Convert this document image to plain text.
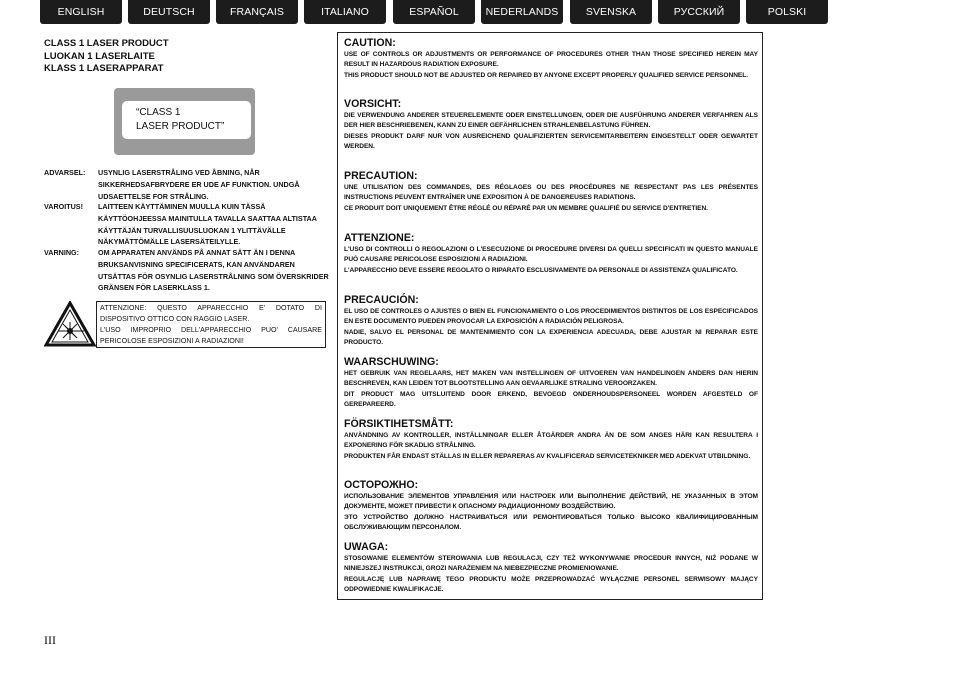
ENGLISH	DEUTSCH	FRANÇAIS	ITALIANO	ESPAÑOL	NEDERLANDS	SVENSKA	РУССКИЙ	POLSKI
CLASS 1 LASER PRODUCT
LUOKAN 1 LASERLAITE
KLASS 1 LASERAPPARAT
“CLASS 1
LASER PRODUCT”
ADVARSEL: USYNLIG LASERSTRÅLING VED ÅBNING, NÅR SIKKERHEDSAFBRYDERE ER UDE AF FUNKTION. UNDGÅ UDSAETTELSE FOR STRÅLING.
VAROITUS! LAITTEEN KÄYTTÄMINEN MUULLA KUIN TÄSSÄ KÄYTTÖOHJEESSA MAINITULLA TAVALLA SAATTAA ALTISTAA KÄYTTÄJÄN TURVALLISUUSLUOKAN 1 YLITTÄVÄLLE NÄKYMÄTTÖMÄLLE LASERSÄTEILYLLE.
VARNING:	OM APPARATEN ANVÄNDS PÅ ANNAT SÄTT ÄN I DENNA BRUKSANVISNING SPECIFICERATS, KAN ANVÄNDAREN UTSÄTTAS FÖR OSYNLIG LASERSTRÅLNING SOM ÖVERSKRIDER GRÄNSEN FÖR LASERKLASS 1.
ATTENZIONE: QUESTO APPARECCHIO E' DOTATO DI DISPOSITIVO OTTICO CON RAGGIO LASER.
L'USO IMPROPRIO DELL'APPARECCHIO PUO' CAUSARE PERICOLOSE ESPOSIZIONI A RADIAZIONI!
CAUTION:

USE OF CONTROLS OR ADJUSTMENTS OR PERFORMANCE OF PROCEDURES OTHER THAN THOSE SPECIFIED HEREIN MAY RESULT IN HAZARDOUS RADIATION EXPOSURE.

THIS PRODUCT SHOULD NOT BE ADJUSTED OR REPAIRED BY ANYONE EXCEPT PROPERLY QUALIFIED SERVICE PERSONNEL.

VORSICHT:

DIE VERWENDUNG ANDERER STEUERELEMENTE ODER EINSTELLUNGEN, ODER DIE AUSFÜHRUNG ANDERER VERFAHREN ALS DER HIER BESCHRIEBENEN, KANN ZU EINER GEFÄHRLICHEN STRAHLENBELASTUNG FÜHREN.

DIESES PRODUKT DARF NUR VON AUSREICHEND QUALIFIZIERTEN SERVICEMITARBEITERN EINGESTELLT ODER GEWARTET WERDEN.

PRECAUTION:

UNE UTILISATION DES COMMANDES, DES RÉGLAGES OU DES PROCÉDURES NE RESPECTANT PAS LES PRÉSENTES INSTRUCTIONS PEUVENT ENTRAÎNER UNE EXPOSITION À DE DANGEREUSES RADIATIONS.

CE PRODUIT DOIT UNIQUEMENT ÊTRE RÉGLÉ OU RÉPARÉ PAR UN MEMBRE QUALIFIÉ DU SERVICE D'ENTRETIEN.

ATTENZIONE:

L'USO DI CONTROLLI O REGOLAZIONI O L'ESECUZIONE DI PROCEDURE DIVERSI DA QUELLI SPECIFICATI IN QUESTO MANUALE PUÒ CAUSARE PERICOLOSE ESPOSIZIONI A RADIAZIONI.

L'APPARECCHIO DEVE ESSERE REGOLATO O RIPARATO ESCLUSIVAMENTE DA PERSONALE DI ASSISTENZA QUALIFICATO.

PRECAUCIÓN:

EL USO DE CONTROLES O AJUSTES O BIEN EL FUNCIONAMIENTO O LOS PROCEDIMIENTOS DISTINTOS DE LOS ESPECIFICADOS EN ESTE DOCUMENTO PUEDEN PROVOCAR LA EXPOSICIÓN A RADIACIÓN PELIGROSA.

NADIE, SALVO EL PERSONAL DE MANTENIMIENTO CON LA EXPERIENCIA ADECUADA, DEBE AJUSTAR NI REPARAR ESTE PRODUCTO.

WAARSCHUWING:

HET GEBRUIK VAN REGELAARS, HET MAKEN VAN INSTELLINGEN OF UITVOEREN VAN HANDELINGEN ANDERS DAN HIERIN BESCHREVEN, KAN LEIDEN TOT BLOOTSTELLING AAN GEVAARLIJKE STRALING VEROORZAKEN.

DIT PRODUCT MAG UITSLUITEND DOOR ERKEND, BEVOEGD ONDERHOUDSPERSONEEL WORDEN AFGESTELD OF GEREPAREERD.

FÖRSIKTIHETSMÅTT:

ANVÄNDNING AV KONTROLLER, INSTÄLLNINGAR ELLER ÅTGÄRDER ANDRA ÄN DE SOM ANGES HÄRI KAN RESULTERA I EXPONERING FÖR SKADLIG STRÅLNING.

PRODUKTEN FÅR ENDAST STÄLLAS IN ELLER REPARERAS AV KVALIFICERAD SERVICETEKNIKER MED ADEKVAT UTBILDNING.

ОСТОРОЖНО:

ИСПОЛЬЗОВАНИЕ ЭЛЕМЕНТОВ УПРАВЛЕНИЯ ИЛИ НАСТРОЕК ИЛИ ВЫПОЛНЕНИЕ ДЕЙСТВИЙ, НЕ УКАЗАННЫХ В ЭТОМ ДОКУМЕНТЕ, МОЖЕТ ПРИВЕСТИ К ОПАСНОМУ РАДИАЦИОННОМУ ВОЗДЕЙСТВИЮ.

ЭТО УСТРОЙСТВО ДОЛЖНО НАСТРАИВАТЬСЯ ИЛИ РЕМОНТИРОВАТЬСЯ ТОЛЬКО ВЫСОКО КВАЛИФИЦИРОВАННЫМ ОБСЛУЖИВАЮЩИМ ПЕРСОНАЛОМ.

UWAGA:

STOSOWANIE ELEMENTÓW STEROWANIA LUB REGULACJI, CZY TEŻ WYKONYWANIE PROCEDUR INNYCH, NIŻ PODANE W NINIEJSZEJ INSTRUKCJI, GROZI NARAŻENIEM NA NIEBEZPIECZNE PROMIENIOWANIE.

REGULACJĘ LUB NAPRAWĘ TEGO PRODUKTU MOŻE PRZEPROWADZAĆ WYŁĄCZNIE PERSONEL SERWISOWY MAJĄCY ODPOWIEDNIE KWALIFIKACJE.

III
